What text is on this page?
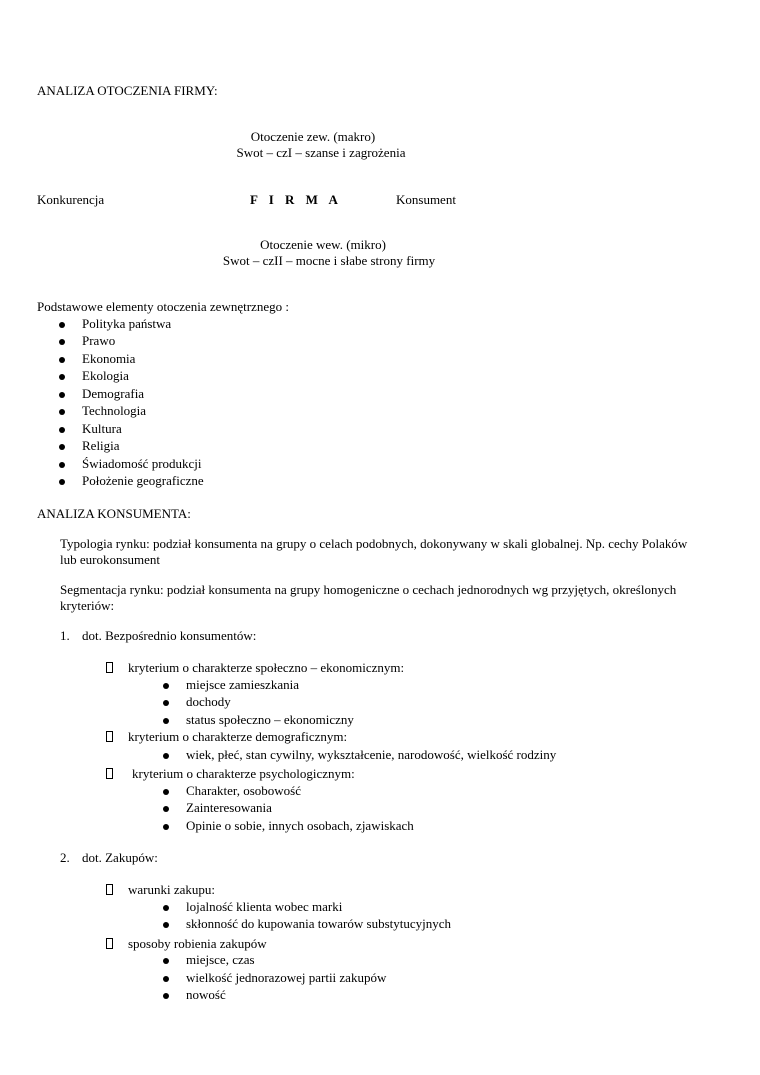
ANALIZA OTOCZENIA FIRMY:
Otoczenie zew. (makro)
Swot – czI – szanse i zagrożenia
Konkurencja	F I R M A	Konsument
Otoczenie wew. (mikro)
Swot – czII – mocne i słabe strony firmy
Podstawowe elementy otoczenia zewnętrznego :
Polityka państwa
Prawo
Ekonomia
Ekologia
Demografia
Technologia
Kultura
Religia
Świadomość produkcji
Położenie geograficzne
ANALIZA KONSUMENTA:
Typologia rynku: podział konsumenta na grupy o celach podobnych, dokonywany w skali globalnej. Np. cechy Polaków
lub eurokonsument
Segmentacja rynku: podział konsumenta na grupy homogeniczne o cechach jednorodnych wg przyjętych, określonych
kryteriów:
1. dot. Bezpośrednio konsumentów:
kryterium o charakterze społeczno – ekonomicznym:
miejsce zamieszkania
dochody
status społeczno – ekonomiczny
kryterium o charakterze demograficznym:
wiek, płeć, stan cywilny, wykształcenie, narodowość, wielkość rodziny
kryterium o charakterze psychologicznym:
Charakter, osobowość
Zainteresowania
Opinie o sobie, innych osobach, zjawiskach
2. dot. Zakupów:
warunki zakupu:
lojalność klienta wobec marki
skłonność do kupowania towarów substytucyjnych
sposoby robienia zakupów
miejsce, czas
wielkość jednorazowej partii zakupów
nowość
